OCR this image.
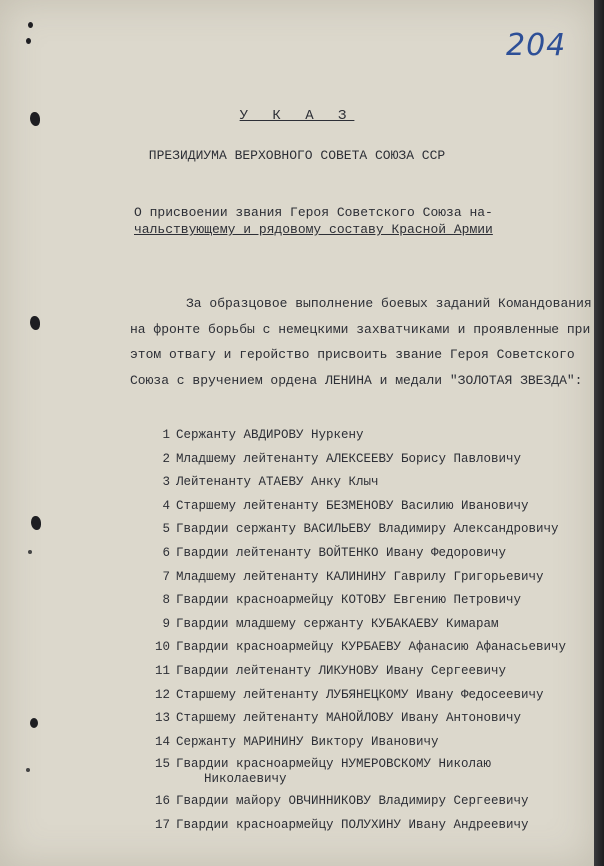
204
У К А З
ПРЕЗИДИУМА ВЕРХОВНОГО СОВЕТА СОЮЗА ССР
О присвоении звания Героя Советского Союза на-
чальствующему и рядовому составу Красной Армии
За образцовое выполнение боевых заданий Командования
на фронте борьбы с немецкими захватчиками и проявленные при
этом отвагу и геройство присвоить звание Героя Советского
Союза с вручением ордена ЛЕНИНА и медали "ЗОЛОТАЯ ЗВЕЗДА":
1 Сержанту АВДИРОВУ Нуркену
2 Младшему лейтенанту АЛЕКСЕЕВУ Борису Павловичу
3 Лейтенанту АТАЕВУ Анку Клыч
4 Старшему лейтенанту БЕЗМЕНОВУ Василию Ивановичу
5 Гвардии сержанту ВАСИЛЬЕВУ Владимиру Александровичу
6 Гвардии лейтенанту ВОЙТЕНКО Ивану Федоровичу
7 Младшему лейтенанту КАЛИНИНУ Гаврилу Григорьевичу
8 Гвардии красноармейцу КОТОВУ Евгению Петровичу
9 Гвардии младшему сержанту КУБАКАЕВУ Кимарам
10 Гвардии красноармейцу КУРБАЕВУ Афанасию Афанасьевичу
11 Гвардии лейтенанту ЛИКУНОВУ Ивану Сергеевичу
12 Старшему лейтенанту ЛУБЯНЕЦКОМУ Ивану Федосеевичу
13 Старшему лейтенанту МАНОЙЛОВУ Ивану Антоновичу
14 Сержанту МАРИНИНУ Виктору Ивановичу
15 Гвардии красноармейцу НУМЕРОВСКОМУ Николаю
Николаевичу
16 Гвардии майору ОВЧИННИКОВУ Владимиру Сергеевичу
17 Гвардии красноармейцу ПОЛУХИНУ Ивану Андреевичу
